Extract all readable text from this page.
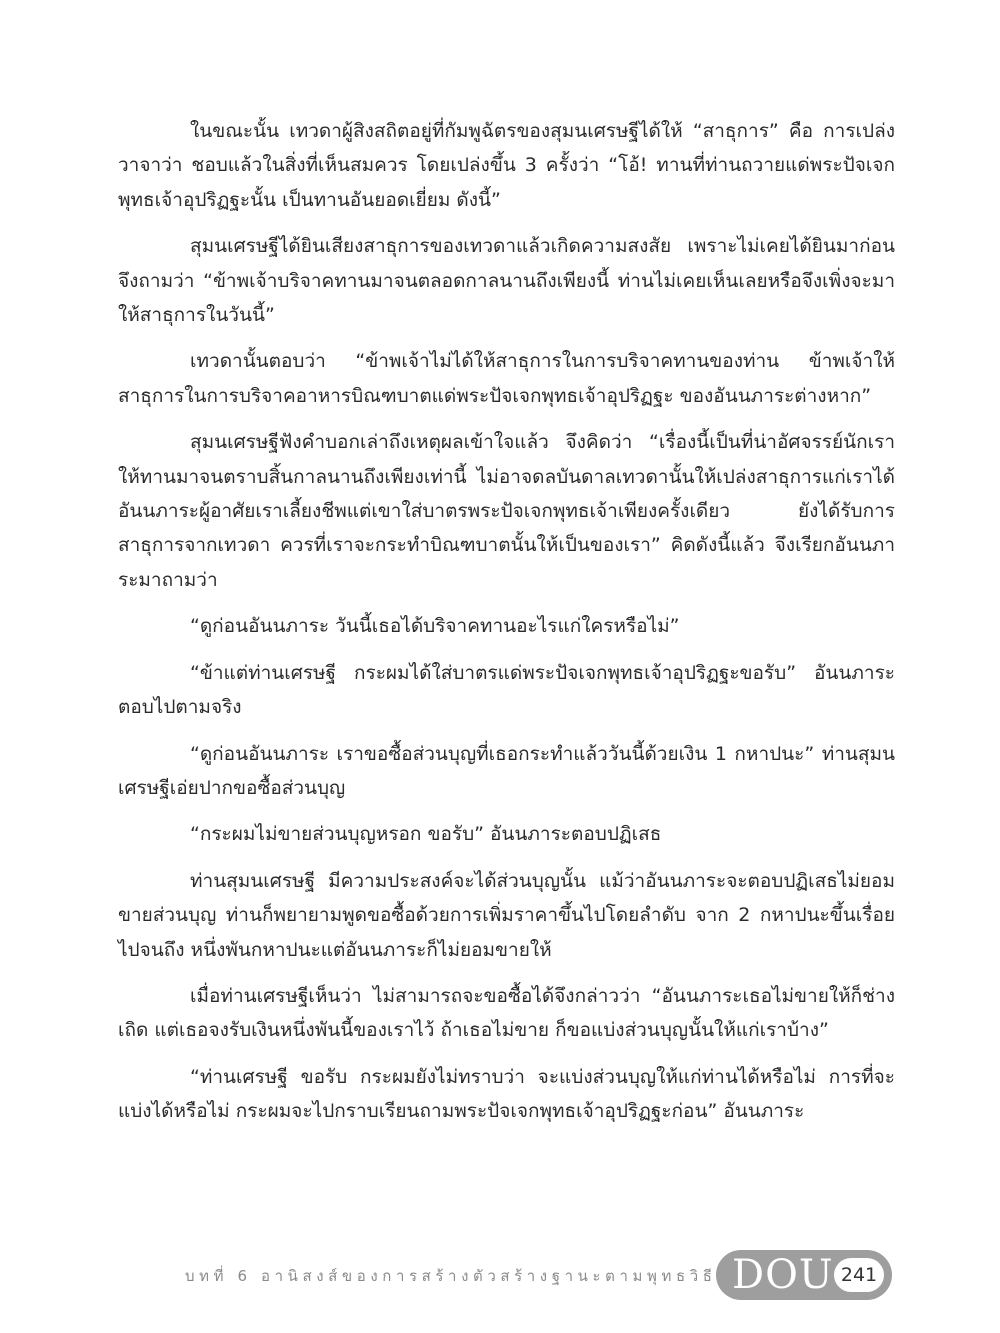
ในขณะนั้น เทวดาผู้สิงสถิตอยู่ที่กัมพูฉัตรของสุมนเศรษฐีได้ให้ “สาธุการ” คือ การเปล่งวาจาว่า ชอบแล้วในสิ่งที่เห็นสมควร โดยเปล่งขึ้น 3 ครั้งว่า “โอ้! ทานที่ท่านถวายแด่พระปัจเจกพุทธเจ้าอุปริฏฐะนั้น เป็นทานอันยอดเยี่ยม ดังนี้”

สุมนเศรษฐีได้ยินเสียงสาธุการของเทวดาแล้วเกิดความสงสัย เพราะไม่เคยได้ยินมาก่อนจึงถามว่า “ข้าพเจ้าบริจาคทานมาจนตลอดกาลนานถึงเพียงนี้ ท่านไม่เคยเห็นเลยหรือจึงเพิ่งจะมาให้สาธุการในวันนี้”

เทวดานั้นตอบว่า “ข้าพเจ้าไม่ได้ให้สาธุการในการบริจาคทานของท่าน ข้าพเจ้าให้สาธุการในการบริจาคอาหารบิณฑบาตแด่พระปัจเจกพุทธเจ้าอุปริฏฐะ ของอันนภาระต่างหาก”

สุมนเศรษฐีฟังคำบอกเล่าถึงเหตุผลเข้าใจแล้ว จึงคิดว่า “เรื่องนี้เป็นที่น่าอัศจรรย์นักเราให้ทานมาจนตราบสิ้นกาลนานถึงเพียงเท่านี้ ไม่อาจดลบันดาลเทวดานั้นให้เปล่งสาธุการแก่เราได้ อันนภาระผู้อาศัยเราเลี้ยงชีพแต่เขาใส่บาตรพระปัจเจกพุทธเจ้าเพียงครั้งเดียว ยังได้รับการสาธุการจากเทวดา ควรที่เราจะกระทำบิณฑบาตนั้นให้เป็นของเรา” คิดดังนี้แล้ว จึงเรียกอันนภาระมาถามว่า

“ดูก่อนอันนภาระ วันนี้เธอได้บริจาคทานอะไรแก่ใครหรือไม่”

“ข้าแต่ท่านเศรษฐี กระผมได้ใส่บาตรแด่พระปัจเจกพุทธเจ้าอุปริฏฐะขอรับ” อันนภาระตอบไปตามจริง

“ดูก่อนอันนภาระ เราขอซื้อส่วนบุญที่เธอกระทำแล้ววันนี้ด้วยเงิน 1 กหาปนะ” ท่านสุมนเศรษฐีเอ่ยปากขอซื้อส่วนบุญ

“กระผมไม่ขายส่วนบุญหรอก ขอรับ” อันนภาระตอบปฏิเสธ

ท่านสุมนเศรษฐี มีความประสงค์จะได้ส่วนบุญนั้น แม้ว่าอันนภาระจะตอบปฏิเสธไม่ยอมขายส่วนบุญ ท่านก็พยายามพูดขอซื้อด้วยการเพิ่มราคาขึ้นไปโดยลำดับ จาก 2 กหาปนะขึ้นเรื่อยไปจนถึง หนึ่งพันกหาปนะแต่อันนภาระก็ไม่ยอมขายให้

เมื่อท่านเศรษฐีเห็นว่า ไม่สามารถจะขอซื้อได้จึงกล่าวว่า “อันนภาระเธอไม่ขายให้ก็ช่างเถิด แต่เธอจงรับเงินหนึ่งพันนี้ของเราไว้ ถ้าเธอไม่ขาย ก็ขอแบ่งส่วนบุญนั้นให้แก่เราบ้าง”

“ท่านเศรษฐี ขอรับ กระผมยังไม่ทราบว่า จะแบ่งส่วนบุญให้แก่ท่านได้หรือไม่ การที่จะแบ่งได้หรือไม่ กระผมจะไปกราบเรียนถามพระปัจเจกพุทธเจ้าอุปริฏฐะก่อน” อันนภาระ

บทที่ 6 อานิสงส์ของการสร้างตัวสร้างฐานะตามพุทธวิธี DOU 241
